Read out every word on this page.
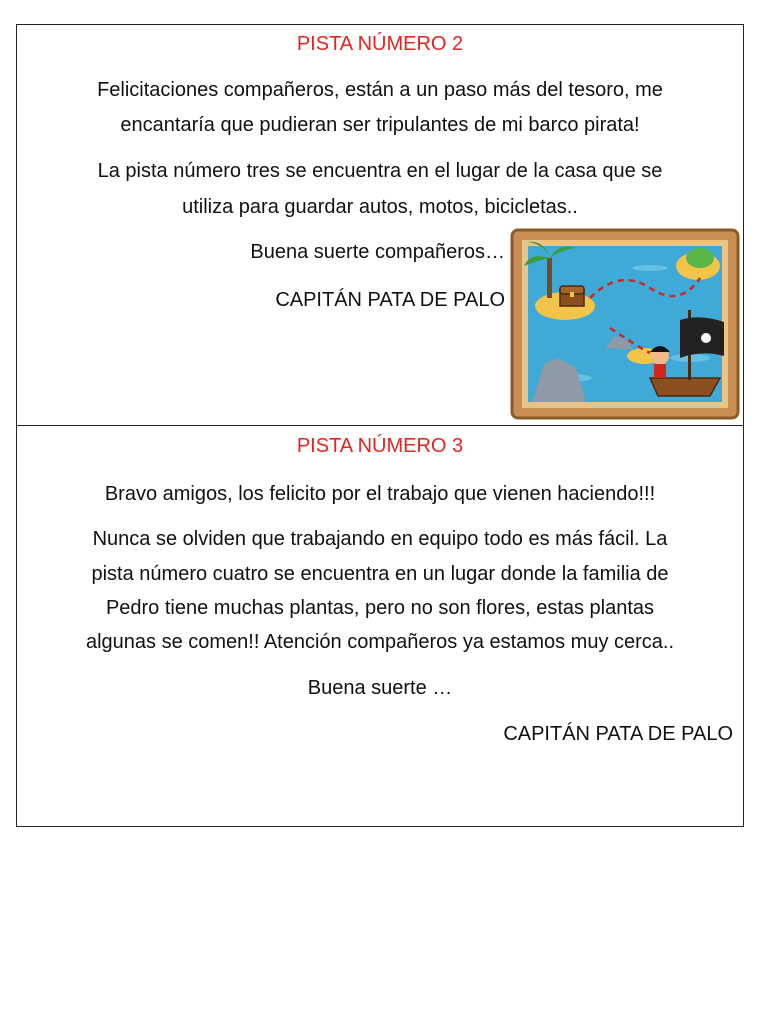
PISTA NÚMERO 2
Felicitaciones compañeros, están a un paso más del tesoro, me
encantaría que pudieran ser tripulantes de mi barco pirata!
La pista número tres se encuentra en el lugar de la casa que se
utiliza para guardar autos, motos, bicicletas..
Buena suerte compañeros…
CAPITÁN PATA DE PALO
PISTA NÚMERO 3
Bravo amigos, los felicito por el trabajo que vienen haciendo!!!
Nunca se olviden que trabajando en equipo todo es más fácil. La
pista número cuatro se encuentra en un lugar donde la familia de
Pedro tiene muchas plantas, pero no son flores, estas plantas
algunas se comen!! Atención compañeros ya estamos muy cerca..
Buena suerte …
CAPITÁN PATA DE PALO
